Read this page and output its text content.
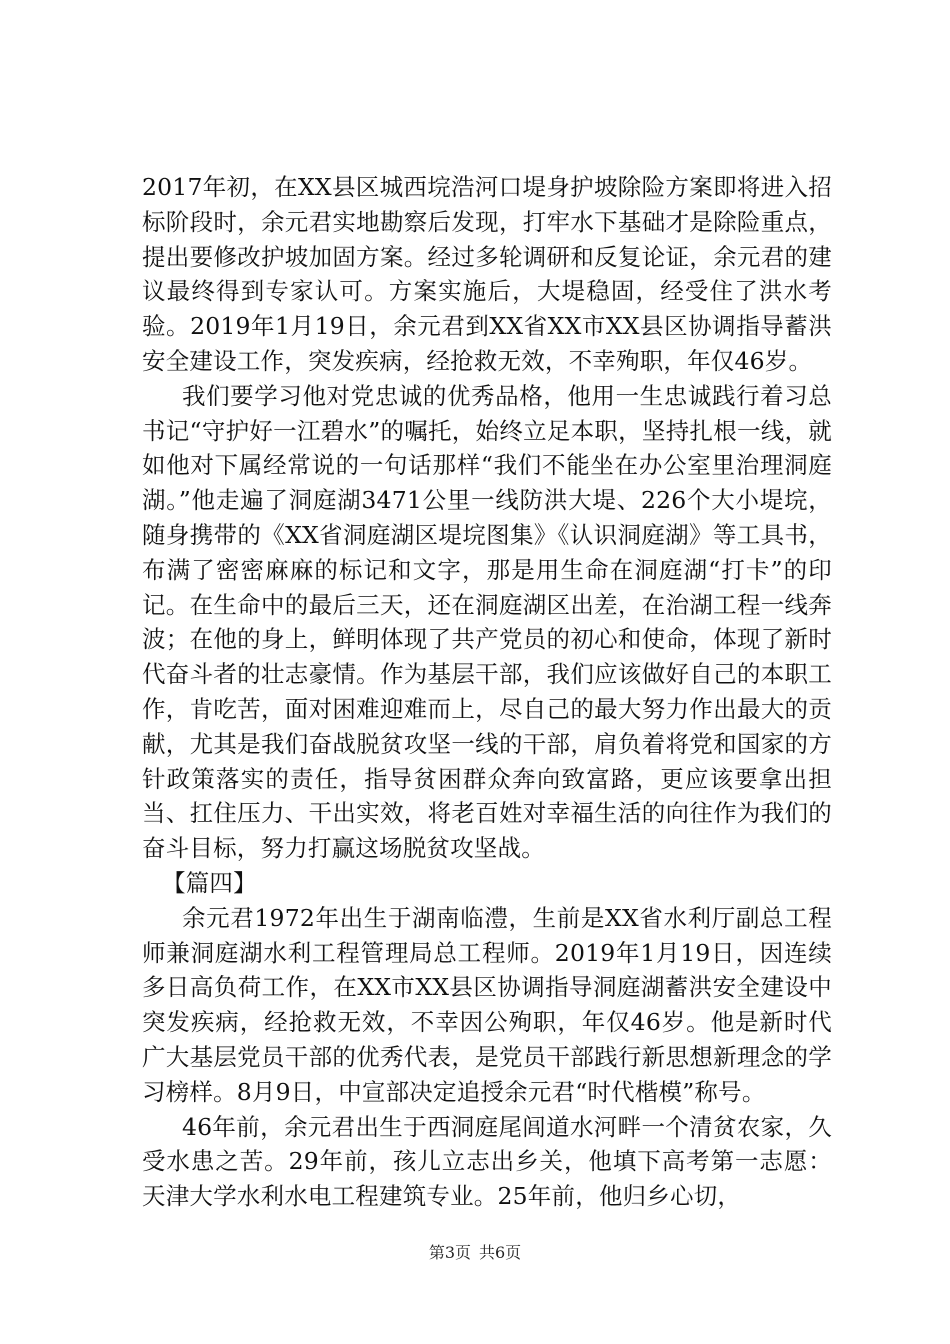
2017年初，在XX县区城西垸浩河口堤身护坡除险方案即将进入招标阶段时，余元君实地勘察后发现，打牢水下基础才是除险重点，提出要修改护坡加固方案。经过多轮调研和反复论证，余元君的建议最终得到专家认可。方案实施后，大堤稳固，经受住了洪水考验。2019年1月19日，余元君到XX省XX市XX县区协调指导蓄洪安全建设工作，突发疾病，经抢救无效，不幸殉职，年仅46岁。

我们要学习他对党忠诚的优秀品格，他用一生忠诚践行着习总书记“守护好一江碧水”的嘱托，始终立足本职，坚持扎根一线，就如他对下属经常说的一句话那样“我们不能坐在办公室里治理洞庭湖。”他走遍了洞庭湖3471公里一线防洪大堤、226个大小堤垸，随身携带的《XX省洞庭湖区堤垸图集》《认识洞庭湖》等工具书，布满了密密麻麻的标记和文字，那是用生命在洞庭湖“打卡”的印记。在生命中的最后三天，还在洞庭湖区出差，在治湖工程一线奔波；在他的身上，鲜明体现了共产党员的初心和使命，体现了新时代奋斗者的壮志豪情。作为基层干部，我们应该做好自己的本职工作，肯吃苦，面对困难迎难而上，尽自己的最大努力作出最大的贡献，尤其是我们奋战脱贫攻坚一线的干部，肩负着将党和国家的方针政策落实的责任，指导贫困群众奔向致富路，更应该要拿出担当、扛住压力、干出实效，将老百姓对幸福生活的向往作为我们的奋斗目标，努力打赢这场脱贫攻坚战。

【篇四】

余元君1972年出生于湖南临澧，生前是XX省水利厅副总工程师兼洞庭湖水利工程管理局总工程师。2019年1月19日，因连续多日高负荷工作，在XX市XX县区协调指导洞庭湖蓄洪安全建设中突发疾病，经抢救无效，不幸因公殉职，年仅46岁。他是新时代广大基层党员干部的优秀代表，是党员干部践行新思想新理念的学习榜样。8月9日，中宣部决定追授余元君“时代楷模”称号。

46年前，余元君出生于西洞庭尾闾道水河畔一个清贫农家，久受水患之苦。29年前，孩儿立志出乡关，他填下高考第一志愿：天津大学水利水电工程建筑专业。25年前，他归乡心切，

第3页 共6页
